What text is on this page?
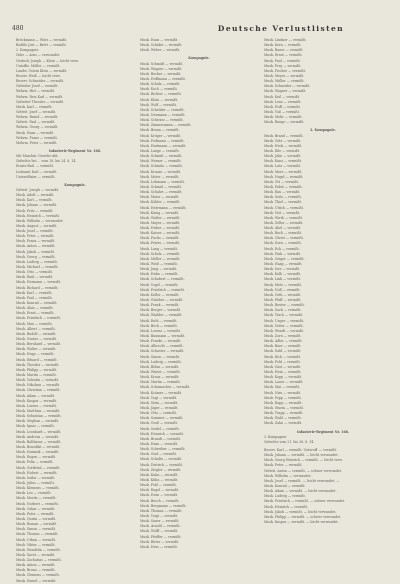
480	Deutsche Verlustlisten
Brückmann — Würz — vermißt.
Bodillo Jost — Brett — vermißt.
2. Kompagnie.
Gehr — Arns — verwundet.
Grabsch Joseph — Klein — leicht verw.
Untoffiz. Müller — vermißt.
Landw. Gstein Klein — vermißt.
Reserv. Weiß — leicht verw.
Reserv. Schneider — vermißt.
Gefreiter Josef — vermißt.
Wehrm. Hirt — vermißt.
Wehrm. Reis Karl — vermißt.
Gefreiter Theodor — vermißt.
Musk. Karl — vermißt.
Gefreit. Josef — vermißt.
Wehrm. Brand — vermißt.
Gefreit. Paul — vermißt.
Wehrm. Georg — vermißt.
Musk. Hans — vermißt.
Wehrm. Franz — vermißt.
Mehrm. Peter — vermißt.
Infanterie-Regiment Nr. 168.
Mit Maschin.-Gewehr-Abt.
Gefechte bei ... vom 16. bis 24. 8. 14.
Ersatz-Batl. — vermißt.
Leutnant Karl — vermißt.
Unteroffizier — vermißt.
Kompagnie.
Gefreit. Joseph — vermißt.
Musk. Adolf — vermißt.
Musk. Karl — vermißt.
Musk. Johann — vermißt.
Musk. Fritz — vermißt.
Musk. Heinrich — vermißt.
Musk. Wilhelm — verwundet.
Musk. August — vermißt.
Musk. Josef — vermißt.
Musk. Peter — vermißt.
Musk. Franz — vermißt.
Musk. Anton — vermißt.
Musk. Jakob — vermißt.
Musk. Georg — vermißt.
Musk. Ludwig — vermißt.
Musk. Michael — vermißt.
Musk. Otto — vermißt.
Musk. Emil — vermißt.
Musk. Hermann — vermißt.
Musk. Richard — vermißt.
Musk. Karl — vermißt.
Musk. Paul — vermißt.
Musk. Konrad — vermißt.
Musk. Alois — vermißt.
Musk. Ernst — vermißt.
Musk. Friedrich — vermißt.
Musk. Max — vermißt.
Musk. Albert — vermißt.
Musk. Rudolf — vermißt.
Musk. Gustav — vermißt.
Musk. Bernhard — vermißt.
Musk. Walter — vermißt.
Musk. Hugo — vermißt.
Musk. Eduard — vermißt.
Musk. Theodor — vermißt.
Musk. Philipp — vermißt.
Musk. Martin — vermißt.
Musk. Valentin — vermißt.
Musk. Nikolaus — vermißt.
Musk. Christian — vermißt.
Musk. Adam — vermißt.
Musk. Kaspar — vermißt.
Musk. Lorenz — vermißt.
Musk. Matthias — vermißt.
Musk. Sebastian — vermißt.
Musk. Stephan — vermißt.
Musk. Ignaz — vermißt.
Musk. Leonhard — vermißt.
Musk. Andreas — vermißt.
Musk. Balthasar — vermißt.
Musk. Benedikt — vermißt.
Musk. Dominik — vermißt.
Musk. Eugen — vermißt.
Musk. Felix — vermißt.
Musk. Gottfried — vermißt.
Musk. Hubert — vermißt.
Musk. Isidor — vermißt.
Musk. Julius — vermißt.
Musk. Klemens — vermißt.
Musk. Leo — vermißt.
Musk. Moritz — vermißt.
Musk. Norbert — vermißt.
Musk. Oskar — vermißt.
Musk. Peter — vermißt.
Musk. Quirin — vermißt.
Musk. Roman — vermißt.
Musk. Simon — vermißt.
Musk. Thomas — vermißt.
Musk. Urban — vermißt.
Musk. Viktor — vermißt.
Musk. Wendelin — vermißt.
Musk. Xaver — vermißt.
Musk. Zacharias — vermißt.
Musk. Anton — vermißt.
Musk. Bruno — vermißt.
Musk. Clemens — vermißt.
Musk. Daniel — vermißt.
Musk. Hans — vermißt.
Musk. Schäfer — vermißt.
Musk. Weber — vermißt.
Kompagnie.
Musk. Schmidt — vermißt.
Musk. Wagner — vermißt.
Musk. Becker — vermißt.
Musk. Hoffmann — vermißt.
Musk. Schulz — vermißt.
Musk. Koch — vermißt.
Musk. Richter — vermißt.
Musk. Klein — vermißt.
Musk. Wolf — vermißt.
Musk. Schröder — vermißt.
Musk. Neumann — vermißt.
Musk. Schwarz — vermißt.
Musk. Zimmermann — vermißt.
Musk. Braun — vermißt.
Musk. Krüger — vermißt.
Musk. Hofmann — vermißt.
Musk. Hartmann — vermißt.
Musk. Lange — vermißt.
Musk. Schmitt — vermißt.
Musk. Werner — vermißt.
Musk. Schmitz — vermißt.
Musk. Krause — vermißt.
Musk. Meier — vermißt.
Musk. Lehmann — vermißt.
Musk. Schmid — vermißt.
Musk. Schulze — vermißt.
Musk. Maier — vermißt.
Musk. Köhler — vermißt.
Musk. Herrmann — vermißt.
Musk. König — vermißt.
Musk. Walter — vermißt.
Musk. Mayer — vermißt.
Musk. Huber — vermißt.
Musk. Kaiser — vermißt.
Musk. Fuchs — vermißt.
Musk. Peters — vermißt.
Musk. Lang — vermißt.
Musk. Scholz — vermißt.
Musk. Möller — vermißt.
Musk. Weiß — vermißt.
Musk. Jung — vermißt.
Musk. Hahn — vermißt.
Musk. Schubert — vermißt.
Musk. Vogel — vermißt.
Musk. Friedrich — vermißt.
Musk. Keller — vermißt.
Musk. Günther — vermißt.
Musk. Frank — vermißt.
Musk. Berger — vermißt.
Musk. Winkler — vermißt.
Musk. Roth — vermißt.
Musk. Beck — vermißt.
Musk. Lorenz — vermißt.
Musk. Baumann — vermißt.
Musk. Franke — vermißt.
Musk. Albrecht — vermißt.
Musk. Schuster — vermißt.
Musk. Simon — vermißt.
Musk. Ludwig — vermißt.
Musk. Böhm — vermißt.
Musk. Winter — vermißt.
Musk. Kraus — vermißt.
Musk. Martin — vermißt.
Musk. Schumacher — vermißt.
Musk. Krämer — vermißt.
Musk. Vogt — vermißt.
Musk. Stein — vermißt.
Musk. Jäger — vermißt.
Musk. Otto — vermißt.
Musk. Sommer — vermißt.
Musk. Groß — vermißt.
Musk. Seidel — vermißt.
Musk. Heinrich — vermißt.
Musk. Brandt — vermißt.
Musk. Haas — vermißt.
Musk. Schreiber — vermißt.
Musk. Graf — vermißt.
Musk. Schulte — vermißt.
Musk. Dietrich — vermißt.
Musk. Ziegler — vermißt.
Musk. Kuhn — vermißt.
Musk. Kühn — vermißt.
Musk. Pohl — vermißt.
Musk. Engel — vermißt.
Musk. Horn — vermißt.
Musk. Busch — vermißt.
Musk. Bergmann — vermißt.
Musk. Thomas — vermißt.
Musk. Voigt — vermißt.
Musk. Sauer — vermißt.
Musk. Arnold — vermißt.
Musk. Wolff — vermißt.
Musk. Pfeiffer — vermißt.
Musk. Ritter — vermißt.
Musk. Hess — vermißt.
Musk. Lindner — vermißt.
Musk. Kern — vermißt.
Musk. Bauer — vermißt.
Musk. Ernst — vermißt.
Musk. Paul — vermißt.
Musk. Frey — vermißt.
Musk. Fischer — vermißt.
Musk. Meyer — vermißt.
Musk. Müller — vermißt.
Musk. Schneider — vermißt.
Musk. Wagner — vermißt.
Musk. Keil — vermißt.
Musk. Lenz — vermißt.
Musk. Hoff — vermißt.
Musk. Voß — vermißt.
Musk. Mohr — vermißt.
Musk. Runge — vermißt.
2. Kompagnie.
Musk. Brand — vermißt.
Musk. Götz — vermißt.
Musk. Heck — vermißt.
Musk. Ihle — vermißt.
Musk. Jahn — vermißt.
Musk. Kunz — vermißt.
Musk. Lutz — vermißt.
Musk. Merz — vermißt.
Musk. Nagel — vermißt.
Musk. Ott — vermißt.
Musk. Pabst — vermißt.
Musk. Rau — vermißt.
Musk. Seitz — vermißt.
Musk. Thiel — vermißt.
Musk. Ulrich — vermißt.
Musk. Veit — vermißt.
Musk. Wirth — vermißt.
Musk. Zeller — vermißt.
Musk. Abel — vermißt.
Musk. Bach — vermißt.
Musk. Christ — vermißt.
Musk. Dorn — vermißt.
Musk. Eck — vermißt.
Musk. Fink — vermißt.
Musk. Geiger — vermißt.
Musk. Haag — vermißt.
Musk. Iser — vermißt.
Musk. Kolb — vermißt.
Musk. Link — vermißt.
Musk. Metz — vermißt.
Musk. Noll — vermißt.
Musk. Orth — vermißt.
Musk. Pfaff — vermißt.
Musk. Reuter — vermißt.
Musk. Sack — vermißt.
Musk. Tesch — vermißt.
Musk. Unger — vermißt.
Musk. Vetter — vermißt.
Musk. Wendt — vermißt.
Musk. Zorn — vermißt.
Musk. Adler — vermißt.
Musk. Baer — vermißt.
Musk. Dahl — vermißt.
Musk. Eich — vermißt.
Musk. Feld — vermißt.
Musk. Gast — vermißt.
Musk. Hein — vermißt.
Musk. Kopp — vermißt.
Musk. Lauer — vermißt.
Musk. Mai — vermißt.
Musk. Nies — vermißt.
Musk. Popp — vermißt.
Musk. Rapp — vermißt.
Musk. Sturm — vermißt.
Musk. Trapp — vermißt.
Musk. Wahl — vermißt.
Musk. Zahn — vermißt.
Infanterie-Regiment Nr. 168.
3. Kompagnie.
Gefechte vom 21. bis 26. 8. 14.
Reserv. Karl — vermißt. Unteroff. — vermißt.
Musk. Johann — vermißt. — leicht verwundet.
Musk. Georg Heinrich — vermißt. — leicht verw.
Musk. Peter — vermißt.
Gefreit. Anton — vermißt. — schwer verwundet.
Musk. Wilhelm — verwundet.
Musk. Josef — vermißt. — leicht verwundet. —
Musk. Konrad — vermißt.
Musk. Adam — vermißt. — leicht verwundet.
Musk. Ludwig — vermißt.
Musk. Friedrich — vermißt. — schwer verwundet.
Musk. Heinrich — vermißt.
Musk. Jakob — vermißt. — leicht verwundet.
Musk. Philipp — vermißt. — schwer verwundet.
Musk. Kaspar — vermißt. — leicht verwundet.
